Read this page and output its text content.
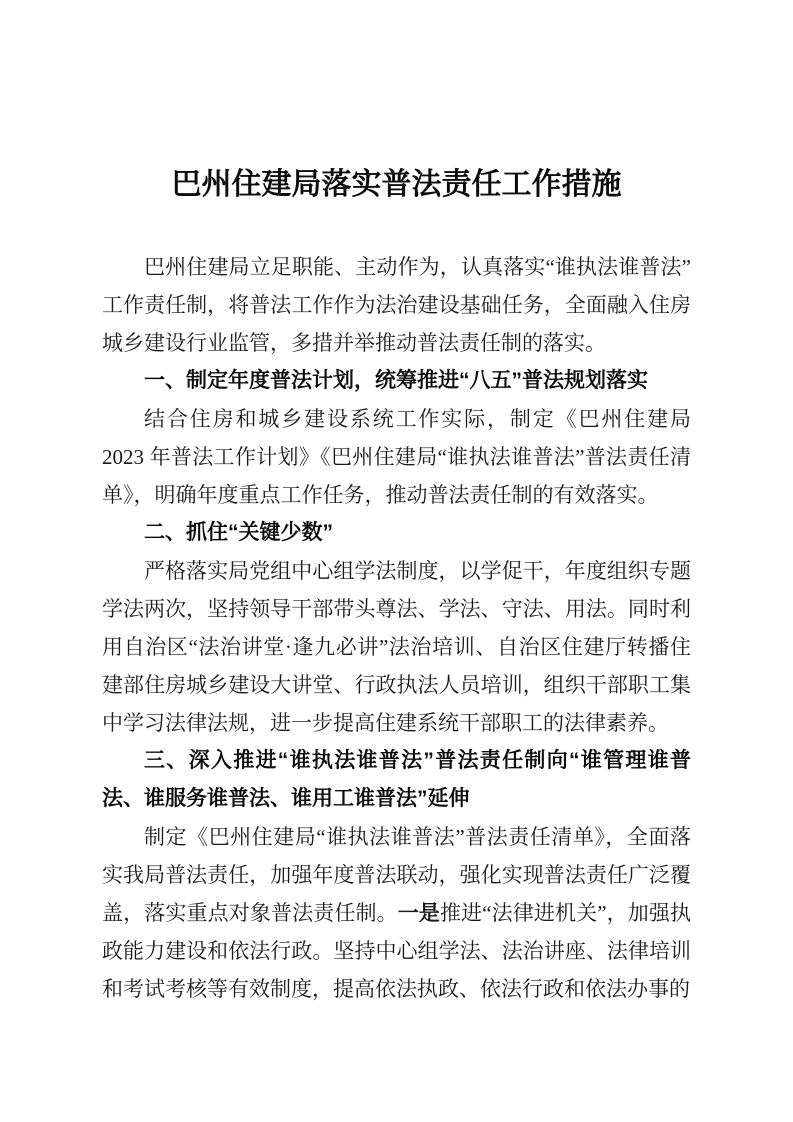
巴州住建局落实普法责任工作措施

巴州住建局立足职能、主动作为，认真落实“谁执法谁普法”工作责任制，将普法工作作为法治建设基础任务，全面融入住房城乡建设行业监管，多措并举推动普法责任制的落实。

一、制定年度普法计划，统筹推进“八五”普法规划落实

结合住房和城乡建设系统工作实际，制定《巴州住建局 2023 年普法工作计划》《巴州住建局“谁执法谁普法”普法责任清单》，明确年度重点工作任务，推动普法责任制的有效落实。

二、抓住“关键少数”

严格落实局党组中心组学法制度，以学促干，年度组织专题学法两次，坚持领导干部带头尊法、学法、守法、用法。同时利用自治区“法治讲堂·逢九必讲”法治培训、自治区住建厅转播住建部住房城乡建设大讲堂、行政执法人员培训，组织干部职工集中学习法律法规，进一步提高住建系统干部职工的法律素养。

三、深入推进“谁执法谁普法”普法责任制向“谁管理谁普法、谁服务谁普法、谁用工谁普法”延伸

制定《巴州住建局“谁执法谁普法”普法责任清单》，全面落实我局普法责任，加强年度普法联动，强化实现普法责任广泛覆盖，落实重点对象普法责任制。一是推进“法律进机关”，加强执政能力建设和依法行政。坚持中心组学法、法治讲座、法律培训和考试考核等有效制度，提高依法执政、依法行政和依法办事的
